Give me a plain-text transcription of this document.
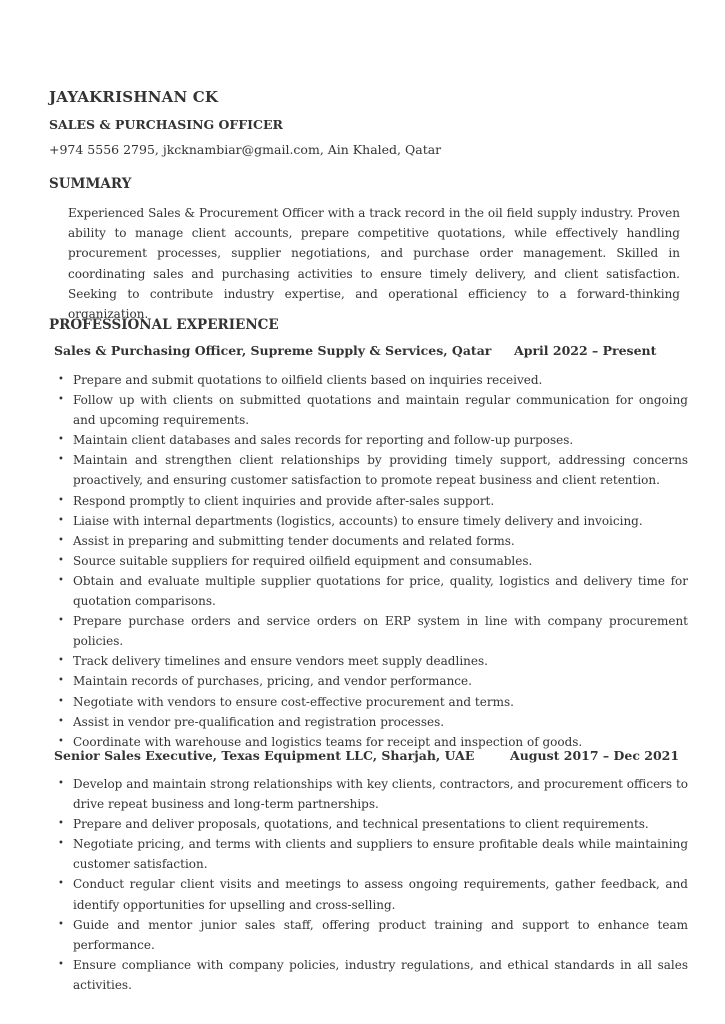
JAYAKRISHNAN CK
SALES & PURCHASING OFFICER
+974 5556 2795, jkcknambiar@gmail.com, Ain Khaled, Qatar
SUMMARY

Experienced Sales & Procurement Officer with a track record in the oil field supply industry. Proven ability to manage client accounts, prepare competitive quotations, while effectively handling procurement processes, supplier negotiations, and purchase order management. Skilled in coordinating sales and purchasing activities to ensure timely delivery, and client satisfaction. Seeking to contribute industry expertise, and operational efficiency to a forward-thinking organization.

PROFESSIONAL EXPERIENCE
Sales & Purchasing Officer, Supreme Supply & Services, Qatar April 2022 – Present
• Prepare and submit quotations to oilfield clients based on inquiries received.
• Follow up with clients on submitted quotations and maintain regular communication for ongoing and upcoming requirements.
• Maintain client databases and sales records for reporting and follow-up purposes.
• Maintain and strengthen client relationships by providing timely support, addressing concerns proactively, and ensuring customer satisfaction to promote repeat business and client retention.
• Respond promptly to client inquiries and provide after-sales support.
• Liaise with internal departments (logistics, accounts) to ensure timely delivery and invoicing.
• Assist in preparing and submitting tender documents and related forms.
• Source suitable suppliers for required oilfield equipment and consumables.
• Obtain and evaluate multiple supplier quotations for price, quality, logistics and delivery time for quotation comparisons.
• Prepare purchase orders and service orders on ERP system in line with company procurement policies.
• Track delivery timelines and ensure vendors meet supply deadlines.
• Maintain records of purchases, pricing, and vendor performance.
• Negotiate with vendors to ensure cost-effective procurement and terms.
• Assist in vendor pre-qualification and registration processes.
• Coordinate with warehouse and logistics teams for receipt and inspection of goods.
Senior Sales Executive, Texas Equipment LLC, Sharjah, UAE	August 2017 – Dec 2021
• Develop and maintain strong relationships with key clients, contractors, and procurement officers to drive repeat business and long-term partnerships.
• Prepare and deliver proposals, quotations, and technical presentations to client requirements.
• Negotiate pricing, and terms with clients and suppliers to ensure profitable deals while maintaining customer satisfaction.
• Conduct regular client visits and meetings to assess ongoing requirements, gather feedback, and identify opportunities for upselling and cross-selling.
• Guide and mentor junior sales staff, offering product training and support to enhance team performance.
• Ensure compliance with company policies, industry regulations, and ethical standards in all sales activities.
